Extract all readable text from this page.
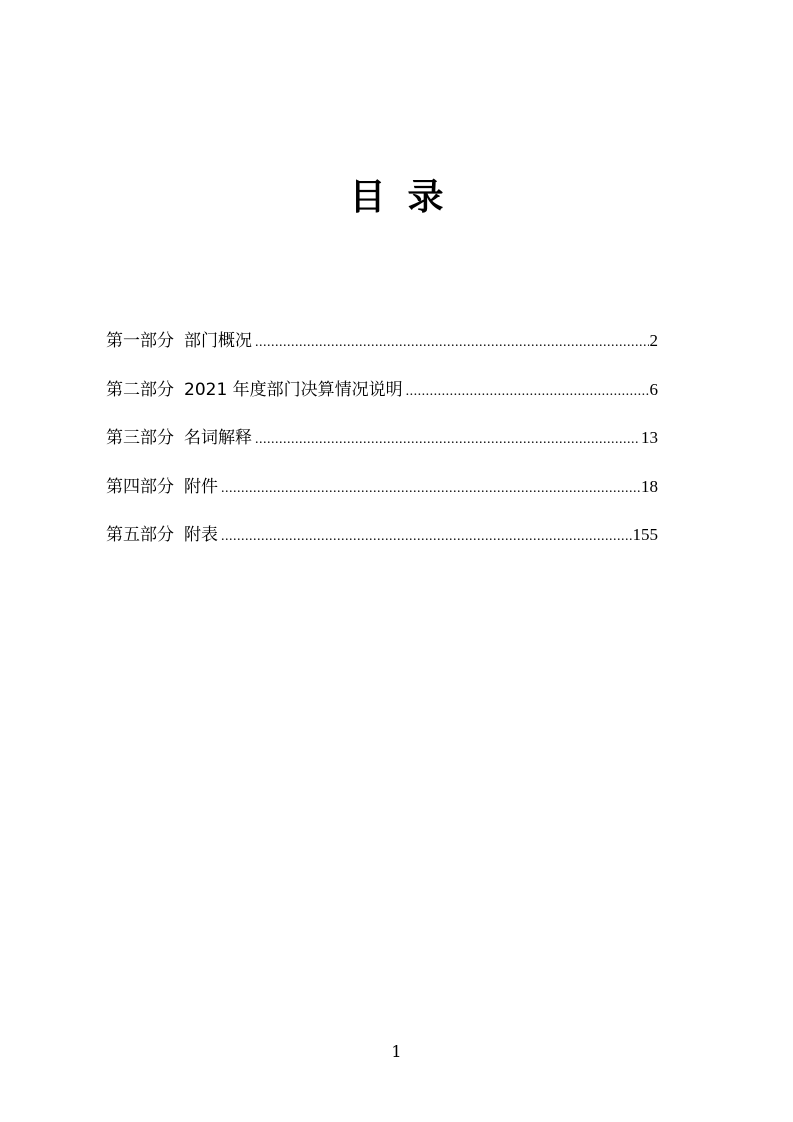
目录
第一部分 部门概况 .....	2
第二部分 2021 年度部门决算情况说明 .....	6
第三部分 名词解释 .....	13
第四部分 附件 .....	18
第五部分 附表 .....	155
1
